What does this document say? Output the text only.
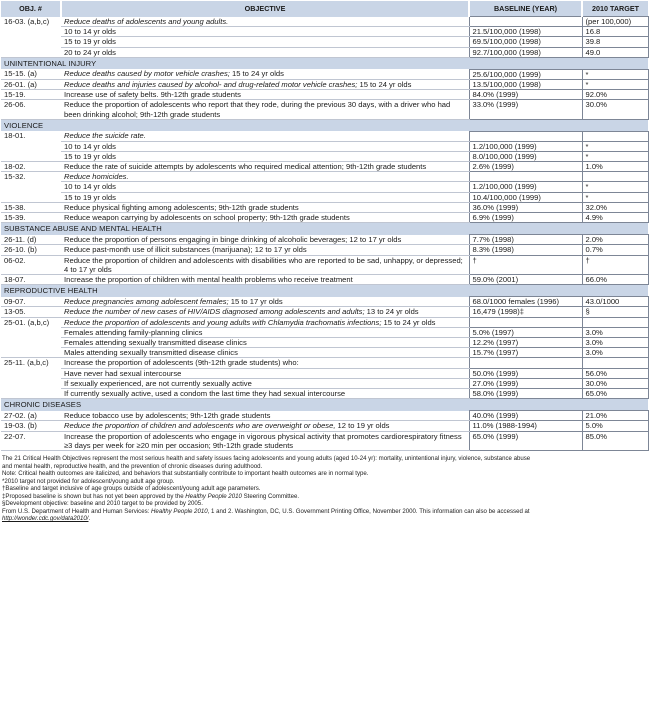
OBJ. #	OBJECTIVE	BASELINE (YEAR)	2010 TARGET
16-03. (a,b,c)	Reduce deaths of adolescents and young adults.		(per 100,000)
	10 to 14 yr olds	21.5/100,000 (1998)	16.8
	15 to 19 yr olds	69.5/100,000 (1998)	39.8
	20 to 24 yr olds	92.7/100,000 (1998)	49.0
UNINTENTIONAL INJURY			
15-15. (a)	Reduce deaths caused by motor vehicle crashes; 15 to 24 yr olds	25.6/100,000 (1999)	*
26-01. (a)	Reduce deaths and injuries caused by alcohol- and drug-related motor vehicle crashes; 15 to 24 yr olds	13.5/100,000 (1998)	*
15-19.	Increase use of safety belts. 9th-12th grade students	84.0% (1999)	92.0%
26-06.	Reduce the proportion of adolescents who report that they rode, during the previous 30 days, with a driver who had been drinking alcohol; 9th-12th grade students	33.0% (1999)	30.0%
VIOLENCE			
18-01.	Reduce the suicide rate.		
	10 to 14 yr olds	1.2/100,000 (1999)	*
	15 to 19 yr olds	8.0/100,000 (1999)	*
18-02.	Reduce the rate of suicide attempts by adolescents who required medical attention; 9th-12th grade students	2.6% (1999)	1.0%
15-32.	Reduce homicides.		
	10 to 14 yr olds	1.2/100,000 (1999)	*
	15 to 19 yr olds	10.4/100,000 (1999)	*
15-38.	Reduce physical fighting among adolescents; 9th-12th grade students	36.0% (1999)	32.0%
15-39.	Reduce weapon carrying by adolescents on school property; 9th-12th grade students	6.9% (1999)	4.9%
SUBSTANCE ABUSE AND MENTAL HEALTH			
26-11. (d)	Reduce the proportion of persons engaging in binge drinking of alcoholic beverages; 12 to 17 yr olds	7.7% (1998)	2.0%
26-10. (b)	Reduce past-month use of illicit substances (marijuana); 12 to 17 yr olds	8.3% (1998)	0.7%
06-02.	Reduce the proportion of children and adolescents with disabilities who are reported to be sad, unhappy, or depressed; 4 to 17 yr olds	†	†
18-07.	Increase the proportion of children with mental health problems who receive treatment	59.0% (2001)	66.0%
REPRODUCTIVE HEALTH			
09-07.	Reduce pregnancies among adolescent females; 15 to 17 yr olds	68.0/1000 females (1996)	43.0/1000
13-05.	Reduce the number of new cases of HIV/AIDS diagnosed among adolescents and adults; 13 to 24 yr olds	16,479 (1998)‡	§
25-01. (a,b,c)	Reduce the proportion of adolescents and young adults with Chlamydia trachomatis infections; 15 to 24 yr olds		
	Females attending family-planning clinics	5.0% (1997)	3.0%
	Females attending sexually transmitted disease clinics	12.2% (1997)	3.0%
	Males attending sexually transmitted disease clinics	15.7% (1997)	3.0%
25-11. (a,b,c)	Increase the proportion of adolescents (9th-12th grade students) who:		
	Have never had sexual intercourse	50.0% (1999)	56.0%
	If sexually experienced, are not currently sexually active	27.0% (1999)	30.0%
	If currently sexually active, used a condom the last time they had sexual intercourse	58.0% (1999)	65.0%
CHRONIC DISEASES			
27-02. (a)	Reduce tobacco use by adolescents; 9th-12th grade students	40.0% (1999)	21.0%
19-03. (b)	Reduce the proportion of children and adolescents who are overweight or obese, 12 to 19 yr olds	11.0% (1988-1994)	5.0%
22-07.	Increase the proportion of adolescents who engage in vigorous physical activity that promotes cardiorespiratory fitness ≥3 days per week for ≥20 min per occasion; 9th-12th grade students	65.0% (1999)	85.0%
The 21 Critical Health Objectives represent the most serious health and safety issues facing adolescents and young adults (aged 10-24 yr): mortality, unintentional injury, violence, substance abuse
and mental health, reproductive health, and the prevention of chronic diseases during adulthood.
Note: Critical health outcomes are italicized, and behaviors that substantially contribute to important health outcomes are in normal type.
*2010 target not provided for adolescent/young adult age group.
†Baseline and target inclusive of age groups outside of adolescent/young adult age parameters.
‡Proposed baseline is shown but has not yet been approved by the Healthy People 2010 Steering Committee.
§Development objective: baseline and 2010 target to be provided by 2005.
From U.S. Department of Health and Human Services: Healthy People 2010, 1 and 2. Washington, DC, U.S. Government Printing Office, November 2000. This information can also be accessed at
http://wonder.cdc.gov/data2010/.
